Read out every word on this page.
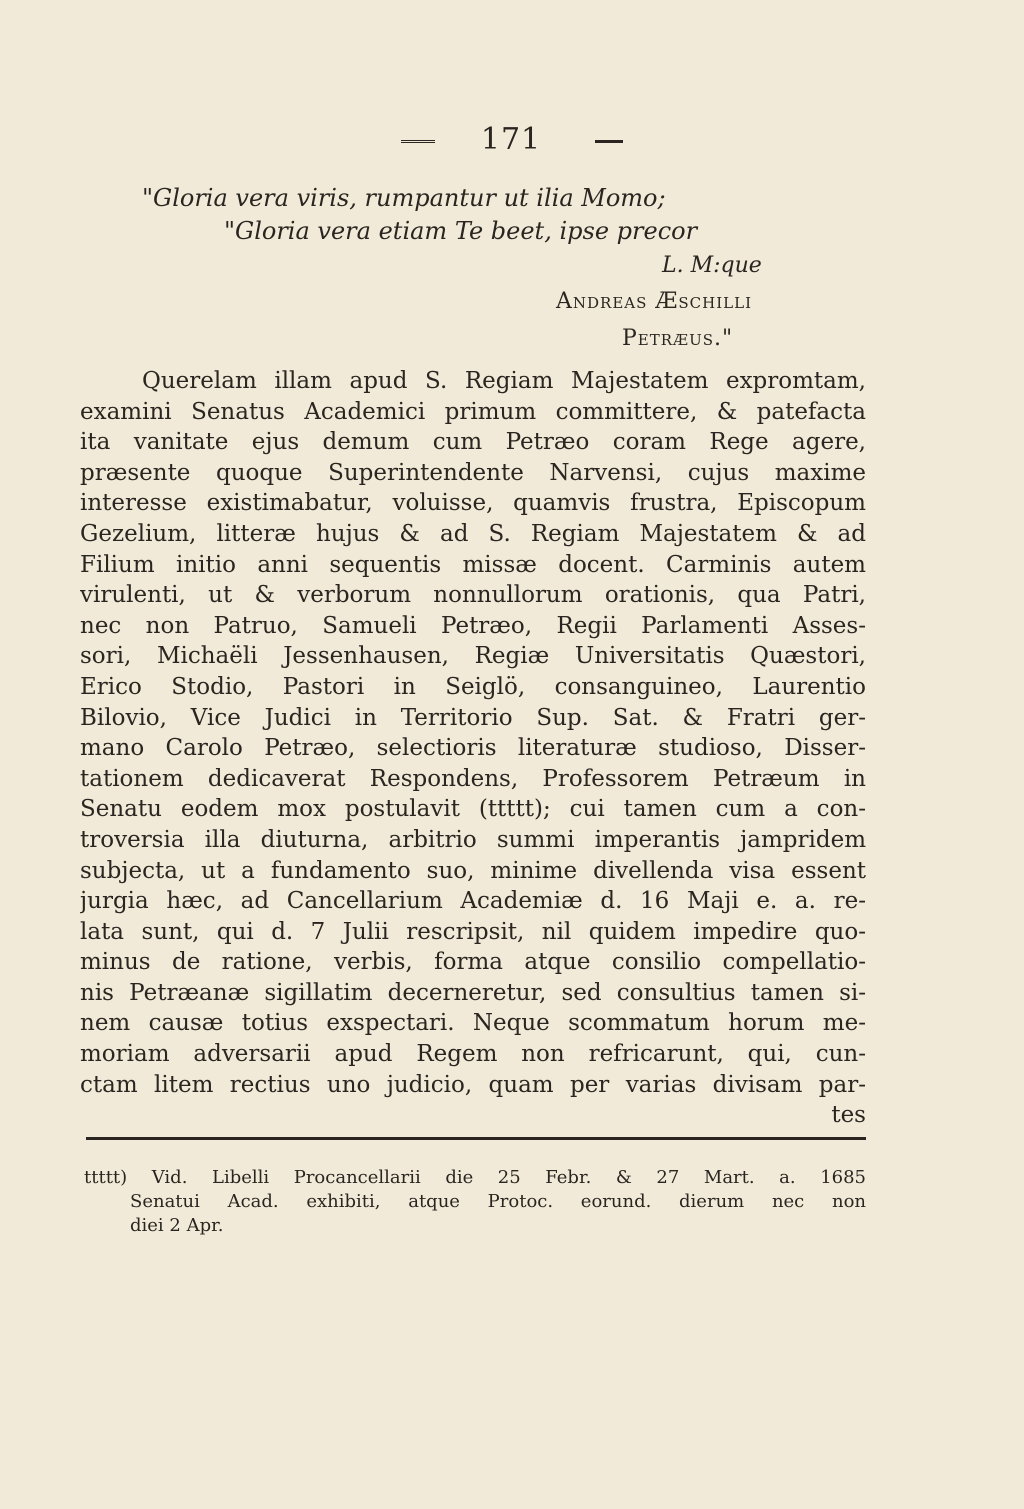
171
"Gloria vera viris, rumpantur ut ilia Momo;
"Gloria vera etiam Te beet, ipse precor
L. M:que
Andreas Æschilli
Petræus."
Querelam illam apud S. Regiam Majestatem expromtam,
examini Senatus Academici primum committere, & patefacta
ita vanitate ejus demum cum Petræo coram Rege agere,
præsente quoque Superintendente Narvensi, cujus maxime
interesse existimabatur, voluisse, quamvis frustra, Episcopum
Gezelium, litteræ hujus & ad S. Regiam Majestatem & ad
Filium initio anni sequentis missæ docent. Carminis autem
virulenti, ut & verborum nonnullorum orationis, qua Patri,
nec non Patruo, Samueli Petræo, Regii Parlamenti Asses-
sori, Michaëli Jessenhausen, Regiæ Universitatis Quæstori,
Erico Stodio, Pastori in Seiglö, consanguineo, Laurentio
Bilovio, Vice Judici in Territorio Sup. Sat. & Fratri ger-
mano Carolo Petræo, selectioris literaturæ studioso, Disser-
tationem dedicaverat Respondens, Professorem Petræum in
Senatu eodem mox postulavit (ttttt); cui tamen cum a con-
troversia illa diuturna, arbitrio summi imperantis jampridem
subjecta, ut a fundamento suo, minime divellenda visa essent
jurgia hæc, ad Cancellarium Academiæ d. 16 Maji e. a. re-
lata sunt, qui d. 7 Julii rescripsit, nil quidem impedire quo-
minus de ratione, verbis, forma atque consilio compellatio-
nis Petræanæ sigillatim decerneretur, sed consultius tamen si-
nem causæ totius exspectari. Neque scommatum horum me-
moriam adversarii apud Regem non refricarunt, qui, cun-
ctam litem rectius uno judicio, quam per varias divisam par-
tes
ttttt) Vid. Libelli Procancellarii die 25 Febr. & 27 Mart. a. 1685
Senatui Acad. exhibiti, atque Protoc. eorund. dierum nec non
diei 2 Apr.
